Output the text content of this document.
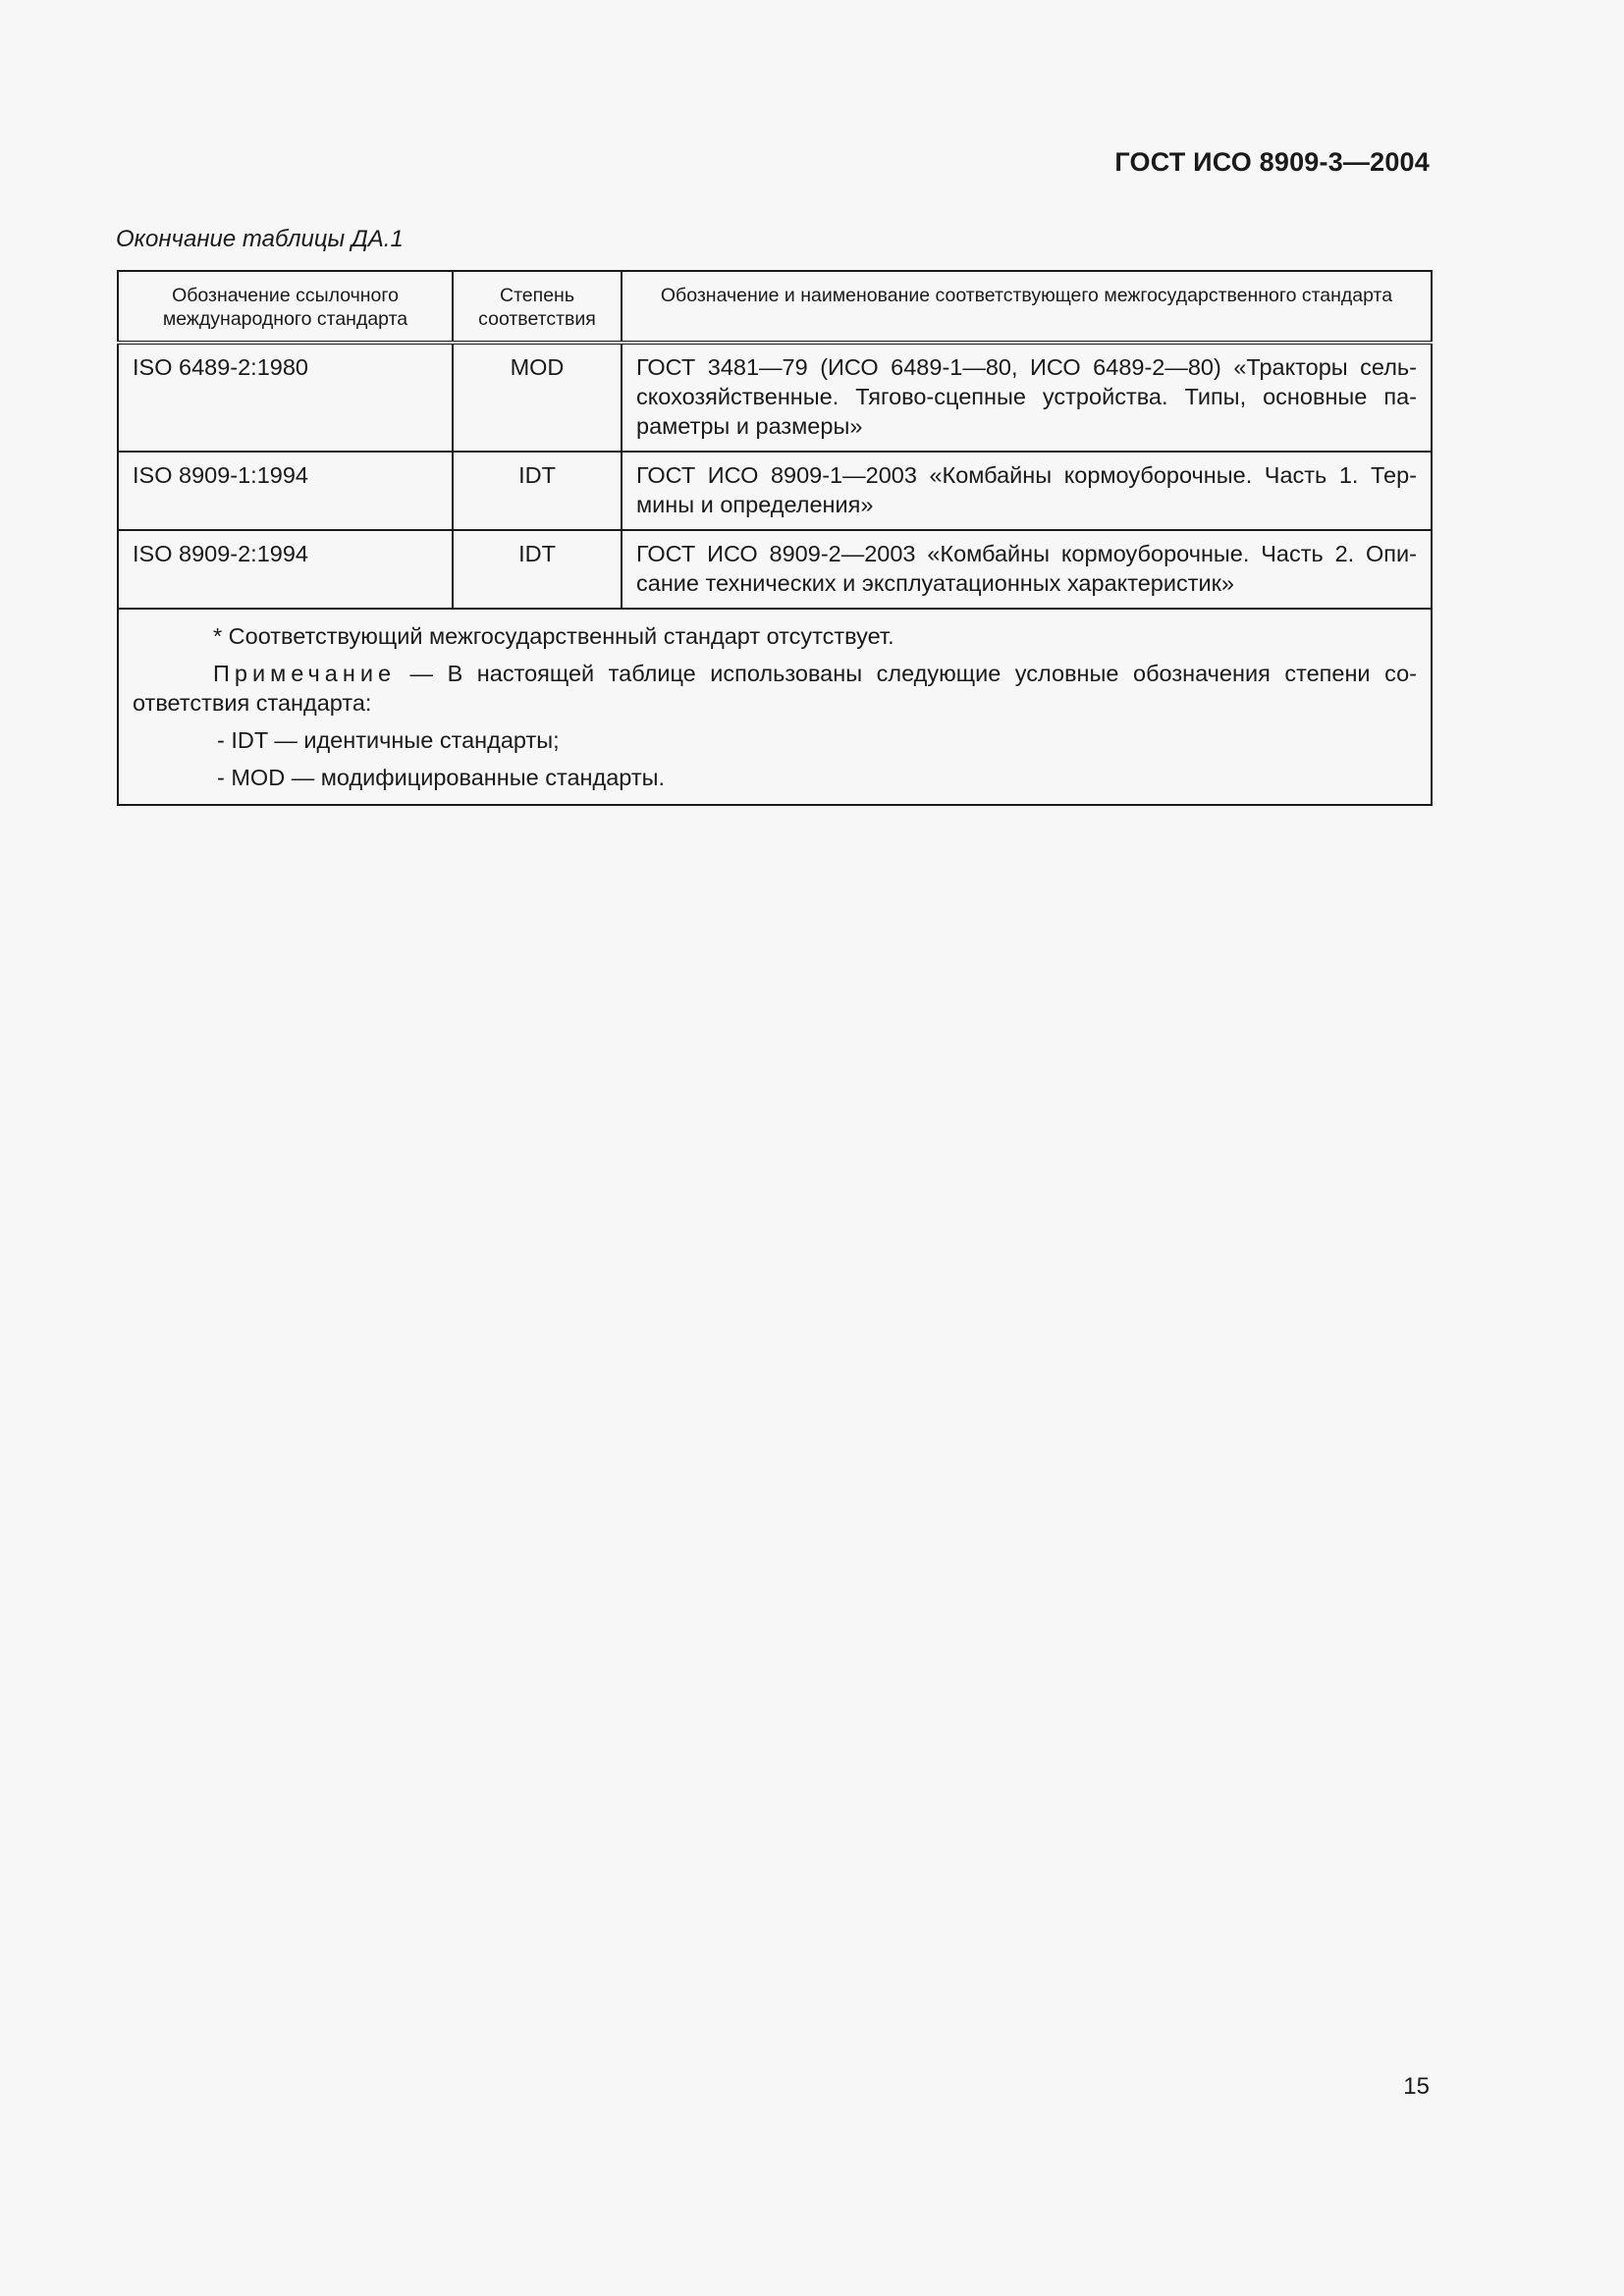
ГОСТ ИСО 8909-3—2004
Окончание таблицы ДА.1
Обозначение ссылочного международного стандарта	Степень соответствия	Обозначение и наименование соответствующего межгосударственного стандарта
ISO 6489-2:1980	MOD	ГОСТ 3481—79 (ИСО 6489-1—80, ИСО 6489-2—80) «Тракторы сельскохозяйственные. Тягово-сцепные устройства. Типы, основные параметры и размеры»
ISO 8909-1:1994	IDT	ГОСТ ИСО 8909-1—2003 «Комбайны кормоуборочные. Часть 1. Термины и определения»
ISO 8909-2:1994	IDT	ГОСТ ИСО 8909-2—2003 «Комбайны кормоуборочные. Часть 2. Описание технических и эксплуатационных характеристик»

* Соответствующий межгосударственный стандарт отсутствует.
Примечание — В настоящей таблице использованы следующие условные обозначения степени соответствия стандарта:
- IDT — идентичные стандарты;
- MOD — модифицированные стандарты.		
15
